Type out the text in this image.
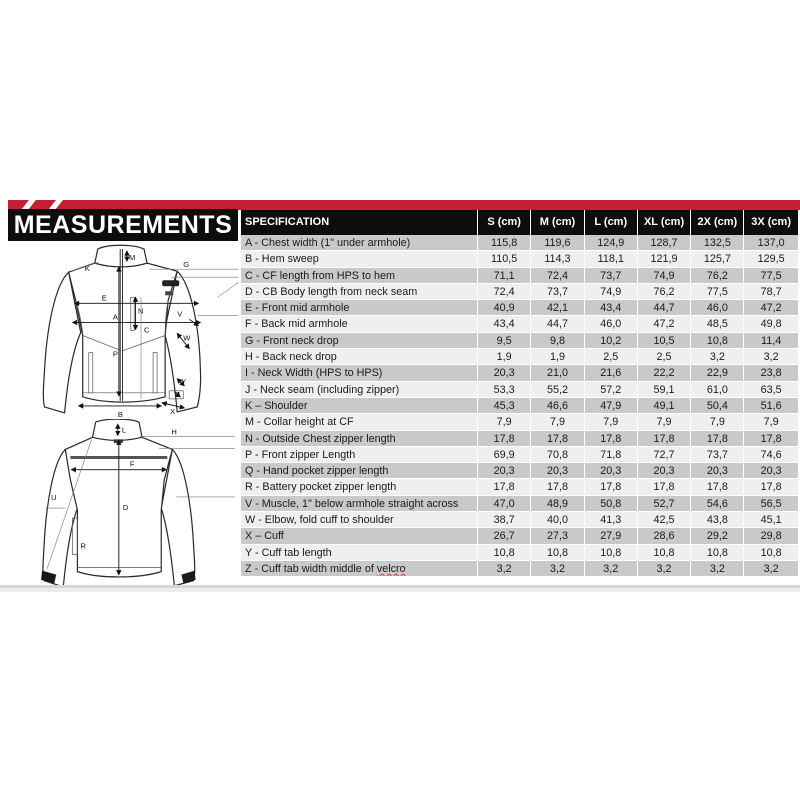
MEASUREMENTS	SPECIFICATION	S (cm)	M (cm)	L (cm)	XL (cm)	2X (cm)	3X (cm)
A - Chest width (1" under armhole)	115,8	119,6	124,9	128,7	132,5	137,0
B - Hem sweep	110,5	114,3	118,1	121,9	125,7	129,5
C - CF length from HPS to hem	71,1	72,4	73,7	74,9	76,2	77,5
D - CB Body length from neck seam	72,4	73,7	74,9	76,2	77,5	78,7
E - Front mid armhole	40,9	42,1	43,4	44,7	46,0	47,2
F - Back mid armhole	43,4	44,7	46,0	47,2	48,5	49,8
G - Front neck drop	9,5	9,8	10,2	10,5	10,8	11,4
H - Back neck drop	1,9	1,9	2,5	2,5	3,2	3,2
I - Neck Width (HPS to HPS)	20,3	21,0	21,6	22,2	22,9	23,8
J - Neck seam (including zipper)	53,3	55,2	57,2	59,1	61,0	63,5
K – Shoulder	45,3	46,6	47,9	49,1	50,4	51,6
M - Collar height at CF	7,9	7,9	7,9	7,9	7,9	7,9
N - Outside Chest zipper length	17,8	17,8	17,8	17,8	17,8	17,8
P - Front zipper Length	69,9	70,8	71,8	72,7	73,7	74,6
Q - Hand pocket zipper length	20,3	20,3	20,3	20,3	20,3	20,3
R - Battery pocket zipper length	17,8	17,8	17,8	17,8	17,8	17,8
V - Muscle, 1" below armhole straight across	47,0	48,9	50,8	52,7	54,6	56,5
W - Elbow, fold cuff to shoulder	38,7	40,0	41,3	42,5	43,8	45,1
X – Cuff	26,7	27,3	27,9	28,6	29,2	29,8
Y - Cuff tab length	10,8	10,8	10,8	10,8	10,8	10,8
Z - Cuff tab width middle of velcro	3,2	3,2	3,2	3,2	3,2	3,2
M
K	G
E
N
A
C
V
W
P
B	X
Y
Z
L	H
F
U
D
R
